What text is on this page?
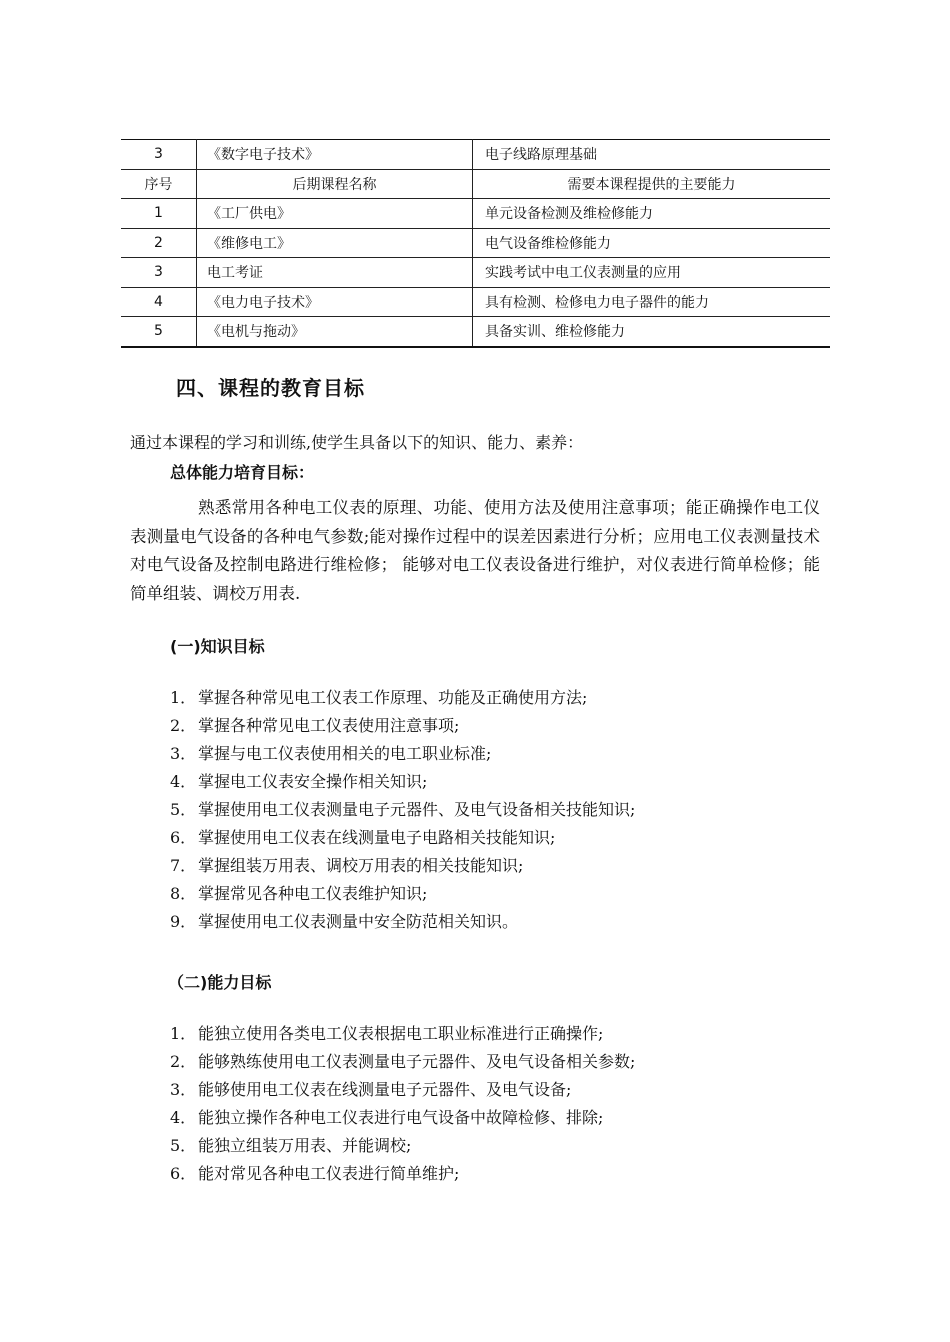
3	《数字电子技术》	电子线路原理基础
序号	后期课程名称	需要本课程提供的主要能力
1	《工厂供电》	单元设备检测及维检修能力
2	《维修电工》	电气设备维检修能力
3	电工考证	实践考试中电工仪表测量的应用
4	《电力电子技术》	具有检测、检修电力电子器件的能力
5	《电机与拖动》	具备实训、维检修能力
四、课程的教育目标
通过本课程的学习和训练,使学生具备以下的知识、能力、素养：
总体能力培育目标：
熟悉常用各种电工仪表的原理、功能、使用方法及使用注意事项；能正确操作电工仪表测量电气设备的各种电气参数;能对操作过程中的误差因素进行分析；应用电工仪表测量技术对电气设备及控制电路进行维检修； 能够对电工仪表设备进行维护，对仪表进行简单检修；能简单组装、调校万用表.
(一)知识目标
1． 掌握各种常见电工仪表工作原理、功能及正确使用方法;
2． 掌握各种常见电工仪表使用注意事项;
3． 掌握与电工仪表使用相关的电工职业标准;
4． 掌握电工仪表安全操作相关知识;
5． 掌握使用电工仪表测量电子元器件、及电气设备相关技能知识;
6． 掌握使用电工仪表在线测量电子电路相关技能知识;
7． 掌握组装万用表、调校万用表的相关技能知识;
8． 掌握常见各种电工仪表维护知识;
9． 掌握使用电工仪表测量中安全防范相关知识。
（二)能力目标
1． 能独立使用各类电工仪表根据电工职业标准进行正确操作;
2． 能够熟练使用电工仪表测量电子元器件、及电气设备相关参数;
3． 能够使用电工仪表在线测量电子元器件、及电气设备;
4． 能独立操作各种电工仪表进行电气设备中故障检修、排除;
5． 能独立组装万用表、并能调校;
6． 能对常见各种电工仪表进行简单维护;
